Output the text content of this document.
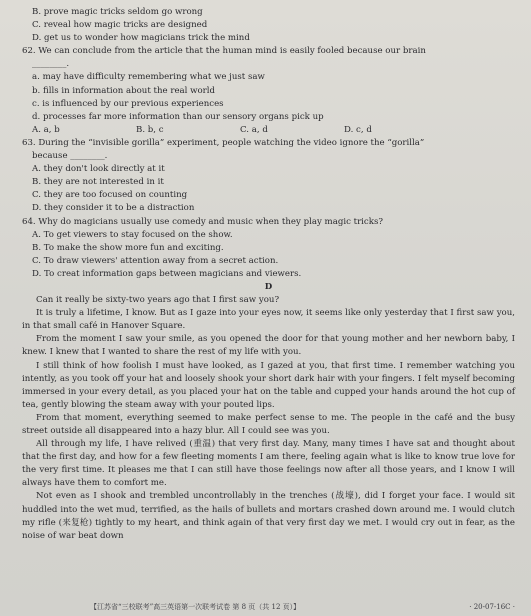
B. prove magic tricks seldom go wrong
C. reveal how magic tricks are designed
D. get us to wonder how magicians trick the mind
62. We can conclude from the article that the human mind is easily fooled because our brain
________.
a. may have difficulty remembering what we just saw
b. fills in information about the real world
c. is influenced by our previous experiences
d. processes far more information than our sensory organs pick up
A. a, b	B. b, c	C. a, d	D. c, d
63. During the “invisible gorilla” experiment, people watching the video ignore the “gorilla”
because ________.
A. they don't look directly at it
B. they are not interested in it
C. they are too focused on counting
D. they consider it to be a distraction
64. Why do magicians usually use comedy and music when they play magic tricks?
A. To get viewers to stay focused on the show.
B. To make the show more fun and exciting.
C. To draw viewers' attention away from a secret action.
D. To creat information gaps between magicians and viewers.
D

Can it really be sixty-two years ago that I first saw you?

It is truly a lifetime, I know. But as I gaze into your eyes now, it seems like only yesterday that I first saw you, in that small café in Hanover Square.

From the moment I saw your smile, as you opened the door for that young mother and her newborn baby, I knew. I knew that I wanted to share the rest of my life with you.

I still think of how foolish I must have looked, as I gazed at you, that first time. I remember watching you intently, as you took off your hat and loosely shook your short dark hair with your fingers. I felt myself becoming immersed in your every detail, as you placed your hat on the table and cupped your hands around the hot cup of tea, gently blowing the steam away with your pouted lips.

From that moment, everything seemed to make perfect sense to me. The people in the café and the busy street outside all disappeared into a hazy blur. All I could see was you.

All through my life, I have relived (重温) that very first day. Many, many times I have sat and thought about that the first day, and how for a few fleeting moments I am there, feeling again what is like to know true love for the very first time. It pleases me that I can still have those feelings now after all those years, and I know I will always have them to comfort me.

Not even as I shook and trembled uncontrollably in the trenches (战壕), did I forget your face. I would sit huddled into the wet mud, terrified, as the hails of bullets and mortars crashed down around me. I would clutch my rifle (来复枪) tightly to my heart, and think again of that very first day we met. I would cry out in fear, as the noise of war beat down

【江苏省“三校联考”高三英语第一次联考试卷 第 8 页（共 12 页）】	· 20-07-16C ·
